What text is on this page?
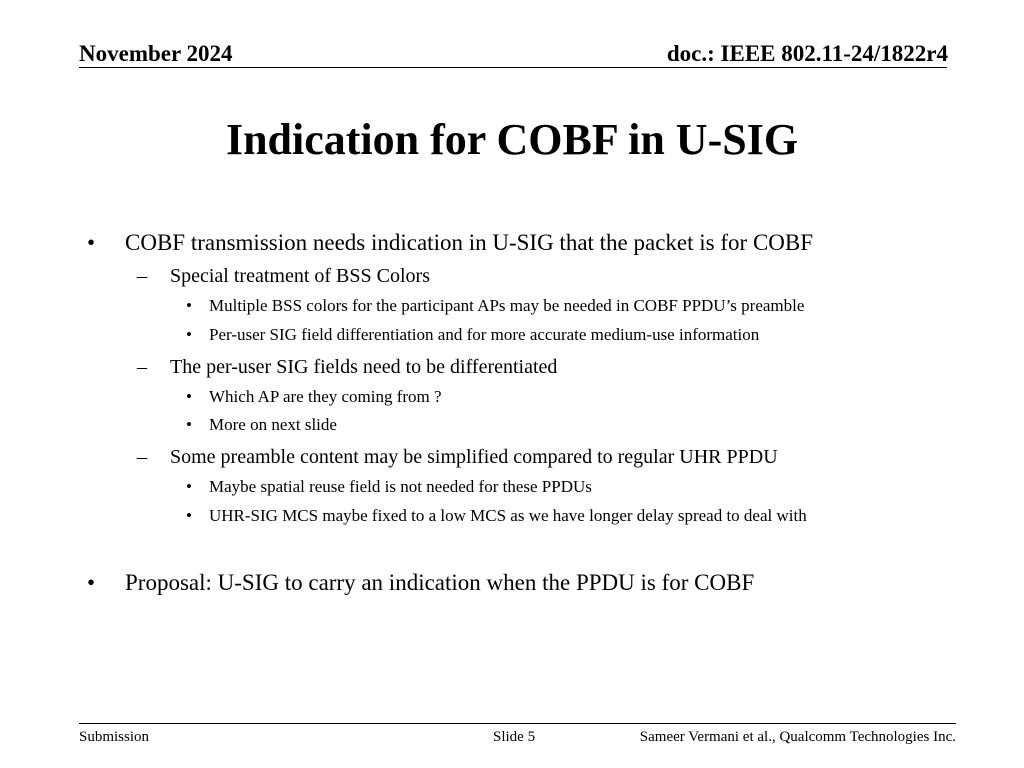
November 2024	doc.: IEEE 802.11-24/1822r4
Indication for COBF in U-SIG
• COBF transmission needs indication in U-SIG that the packet is for COBF
– Special treatment of BSS Colors
• Multiple BSS colors for the participant APs may be needed in COBF PPDU’s preamble
• Per-user SIG field differentiation and for more accurate medium-use information
– The per-user SIG fields need to be differentiated
• Which AP are they coming from ?
• More on next slide
– Some preamble content may be simplified compared to regular UHR PPDU
• Maybe spatial reuse field is not needed for these PPDUs
• UHR-SIG MCS maybe fixed to a low MCS as we have longer delay spread to deal with
• Proposal: U-SIG to carry an indication when the PPDU is for COBF
Submission	Slide 5	Sameer Vermani et al., Qualcomm Technologies Inc.
